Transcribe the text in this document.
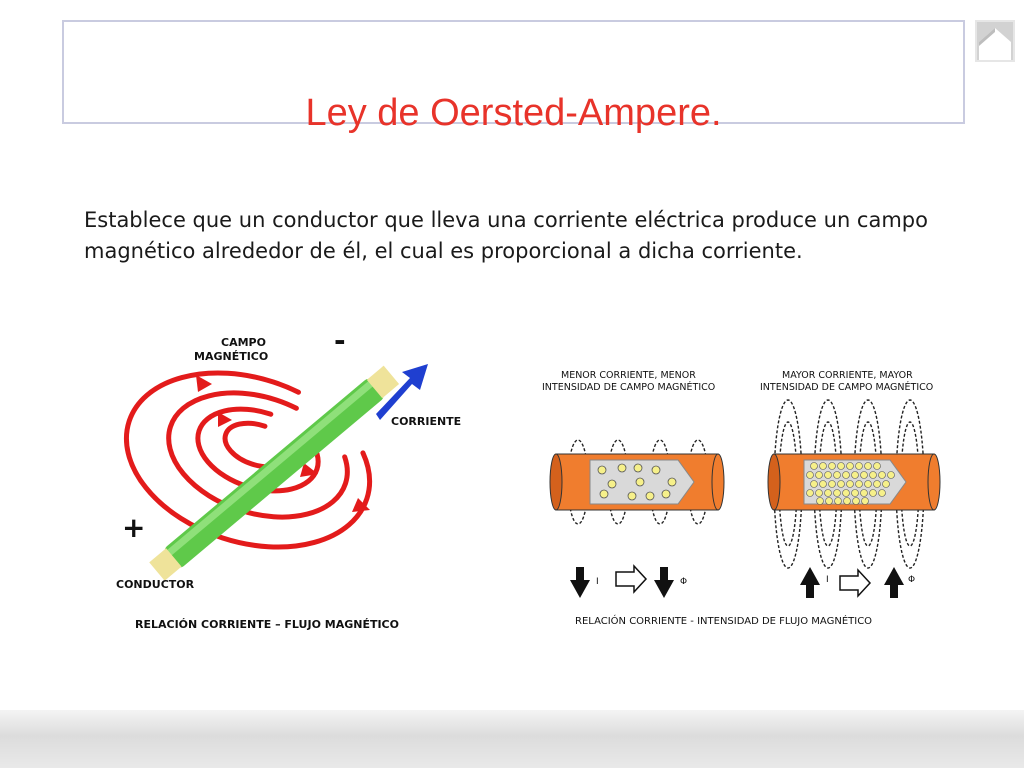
Ley de Oersted-Ampere.

Establece que un conductor que lleva una corriente eléctrica produce un campo magnético alrededor de él, el cual es proporcional a dicha corriente.

CAMPO
MAGNÉTICO -
+
CORRIENTE
CONDUCTOR
RELACIÓN CORRIENTE – FLUJO MAGNÉTICO
MENOR CORRIENTE, MENOR
INTENSIDAD DE CAMPO MAGNÉTICO
MAYOR CORRIENTE, MAYOR
INTENSIDAD DE CAMPO MAGNÉTICO
I	Φ	I	Φ
RELACIÓN CORRIENTE - INTENSIDAD DE FLUJO MAGNÉTICO
